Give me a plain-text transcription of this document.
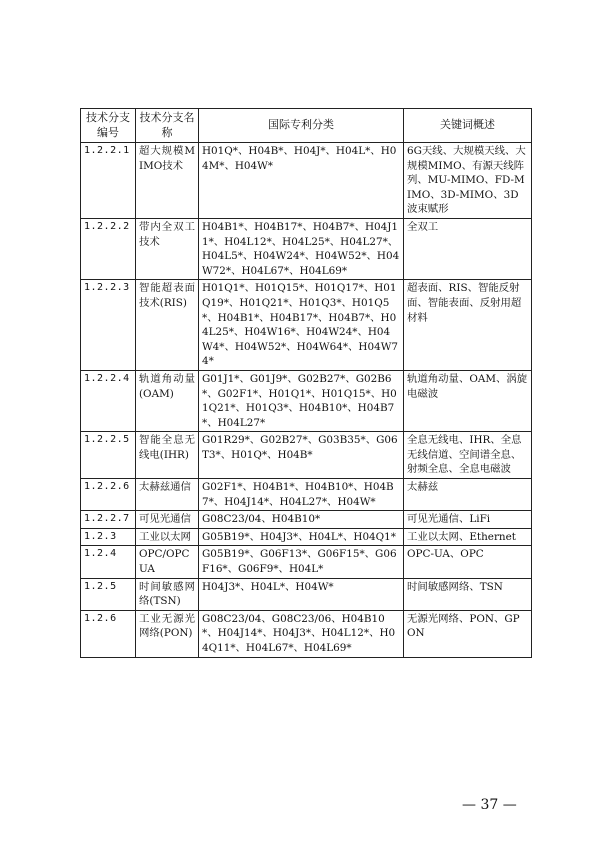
技术分支编号	技术分支名称	国际专利分类	关键词概述
1.2.2.1	超大规模MIMO技术	H01Q*、H04B*、H04J*、H04L*、H04M*、H04W*	6G天线、大规模天线、大规模MIMO、有源天线阵列、MU-MIMO、FD-MIMO、3D-MIMO、3D波束赋形
1.2.2.2	带内全双工技术	H04B1*、H04B17*、H04B7*、H04J11*、H04L12*、H04L25*、H04L27*、H04L5*、H04W24*、H04W52*、H04W72*、H04L67*、H04L69*	全双工
1.2.2.3	智能超表面技术(RIS)	H01Q1*、H01Q15*、H01Q17*、H01Q19*、H01Q21*、H01Q3*、H01Q5*、H04B1*、H04B17*、H04B7*、H04L25*、H04W16*、H04W24*、H04W4*、H04W52*、H04W64*、H04W74*	超表面、RIS、智能反射面、智能表面、反射用超材料
1.2.2.4	轨道角动量(OAM)	G01J1*、G01J9*、G02B27*、G02B6*、G02F1*、H01Q1*、H01Q15*、H01Q21*、H01Q3*、H04B10*、H04B7*、H04L27*	轨道角动量、OAM、涡旋电磁波
1.2.2.5	智能全息无线电(IHR)	G01R29*、G02B27*、G03B35*、G06T3*、H01Q*、H04B*	全息无线电、IHR、全息无线信道、空间谱全息、射频全息、全息电磁波
1.2.2.6	太赫兹通信	G02F1*、H04B1*、H04B10*、H04B7*、H04J14*、H04L27*、H04W*	太赫兹
1.2.2.7	可见光通信	G08C23/04、H04B10*	可见光通信、LiFi
1.2.3	工业以太网	G05B19*、H04J3*、H04L*、H04Q1*	工业以太网、Ethernet
1.2.4	OPC/OPCUA	G05B19*、G06F13*、G06F15*、G06F16*、G06F9*、H04L*	OPC-UA、OPC
1.2.5	时间敏感网络(TSN)	H04J3*、H04L*、H04W*	时间敏感网络、TSN
1.2.6	工业无源光网络(PON)	G08C23/04、G08C23/06、H04B10*、H04J14*、H04J3*、H04L12*、H04Q11*、H04L67*、H04L69*	无源光网络、PON、GPON
— 37 —
